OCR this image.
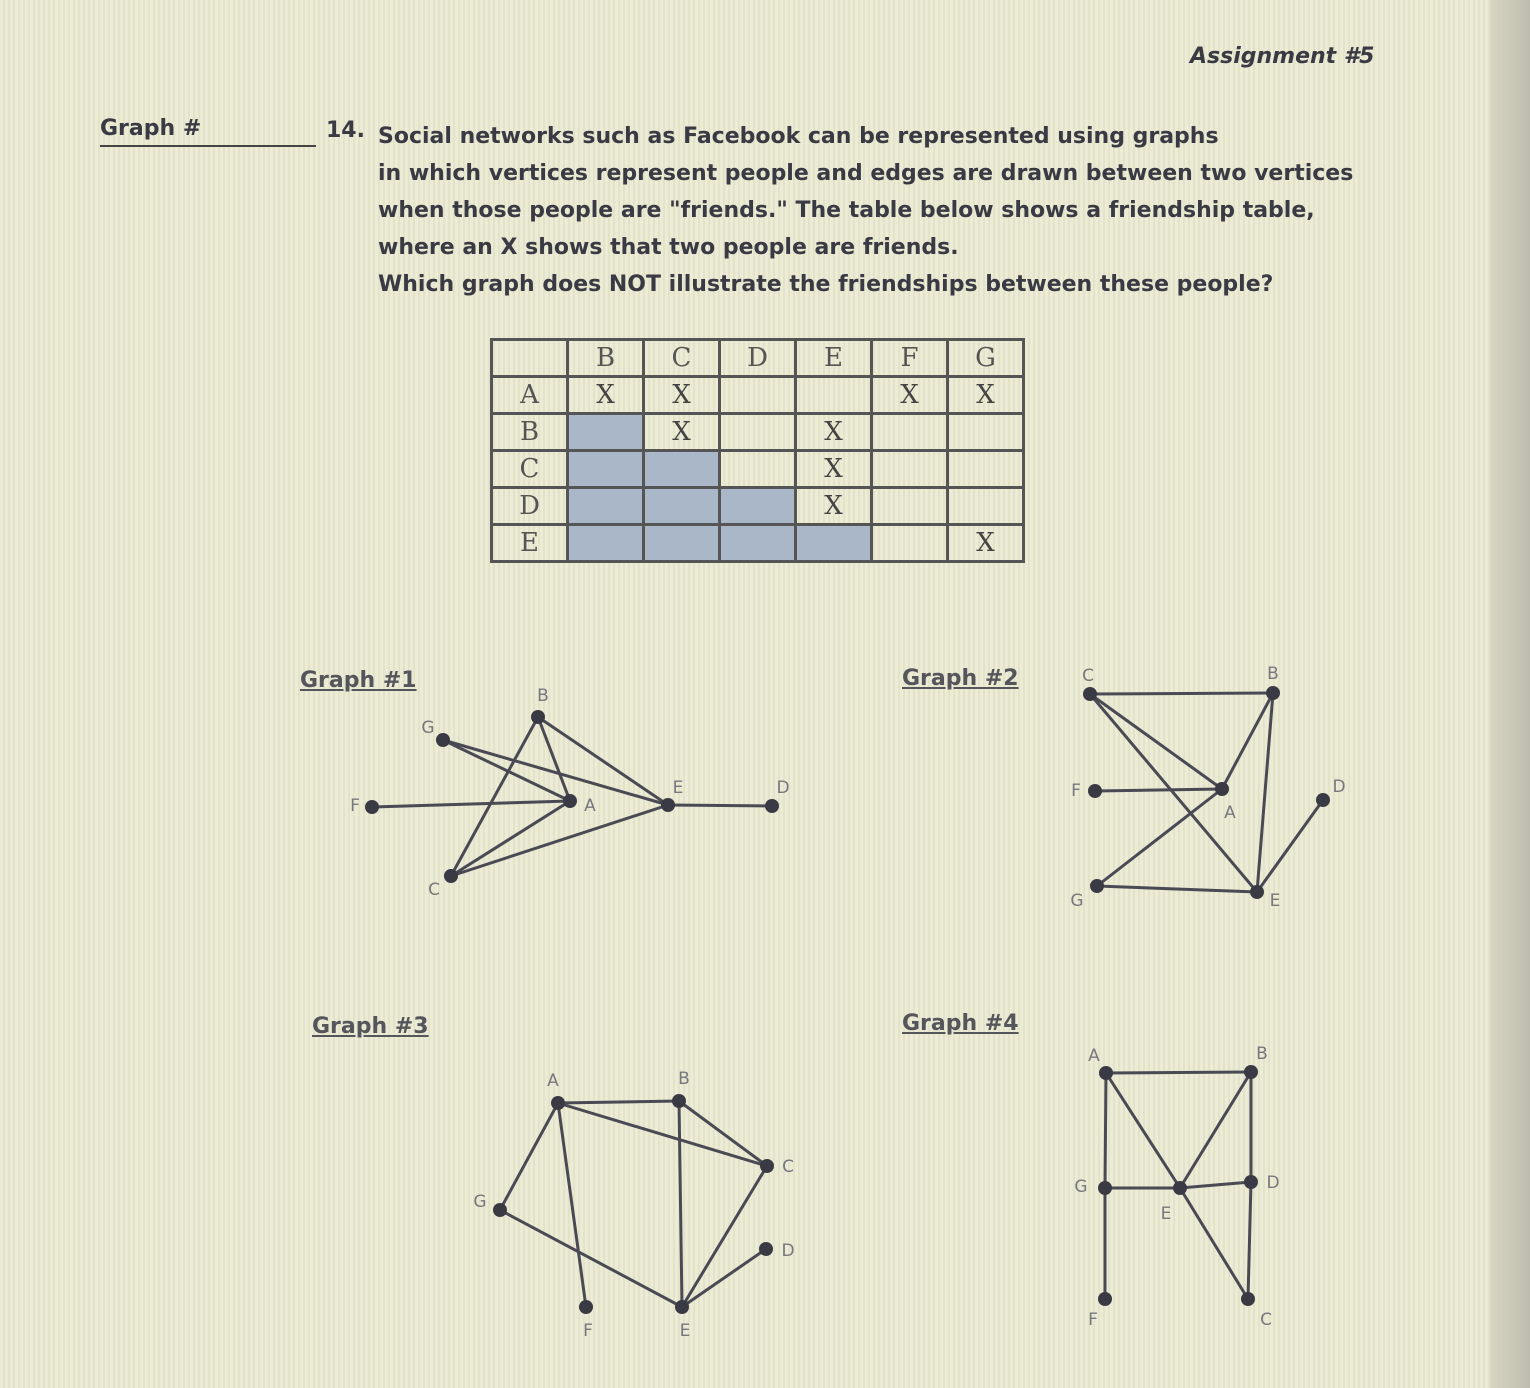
Assignment #5
Graph #	14. Social networks such as Facebook can be represented using graphs
in which vertices represent people and edges are drawn between two vertices
when those people are "friends." The table below shows a friendship table,
where an X shows that two people are friends.
Which graph does NOT illustrate the friendships between these people?
	B	C	D	E	F	G
A	X	X			X	X
B		X		X		
C				X		
D				X		
E						X
Graph #1	Graph #2
Graph #3	Graph #4
B
G
F	A
E	D
C
C	B
F
A
D
G	E
A	B
C
G
D
F	E
A	B
G
E
D
F	C
